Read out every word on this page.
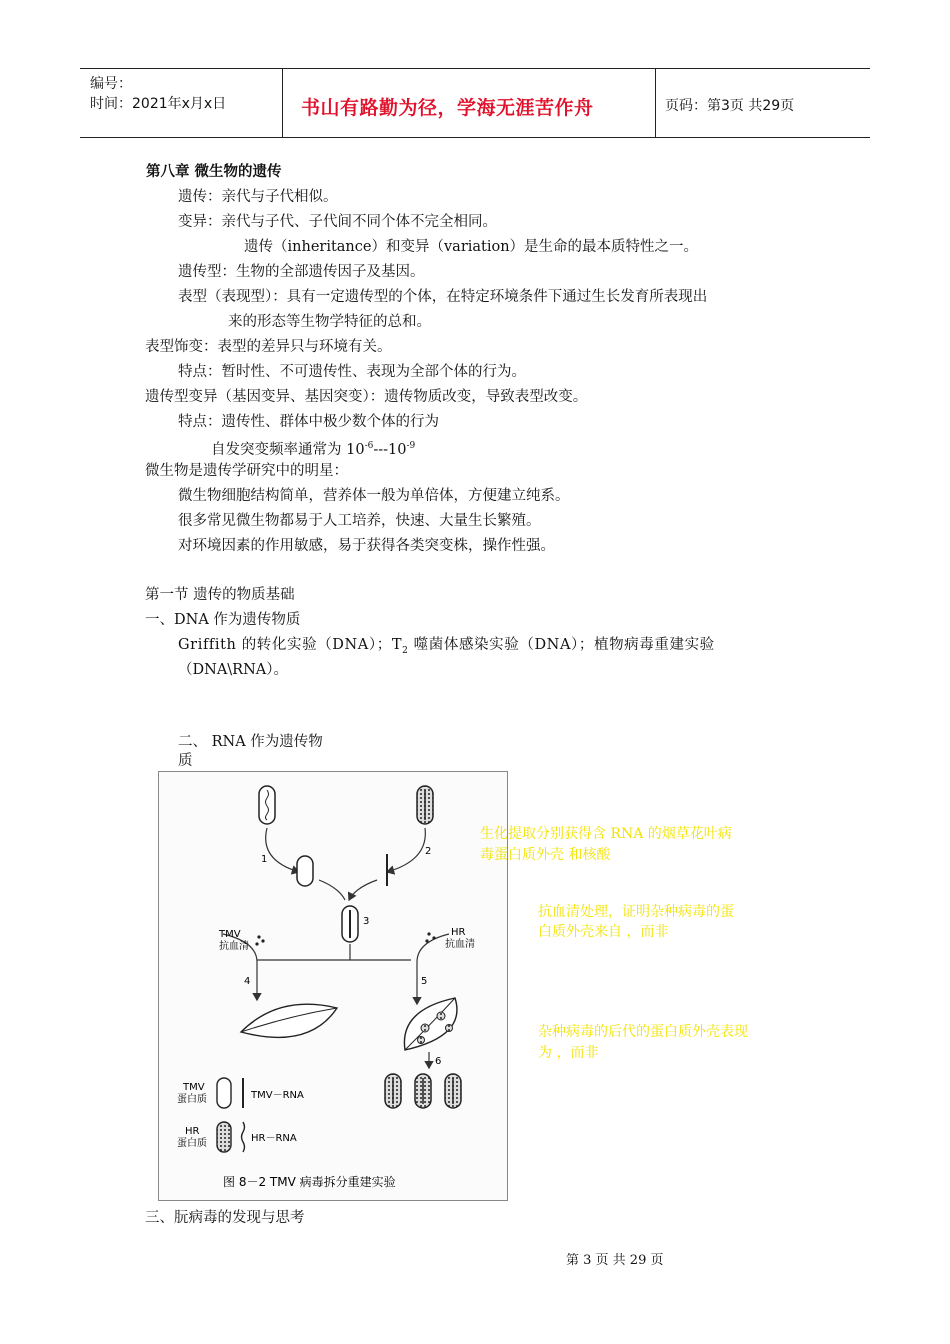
编号：
时间：2021年x月x日	书山有路勤为径，学海无涯苦作舟	页码：第3页 共29页
第八章 微生物的遗传
遗传：亲代与子代相似。
变异：亲代与子代、子代间不同个体不完全相同。
遗传（inheritance）和变异（variation）是生命的最本质特性之一。
遗传型：生物的全部遗传因子及基因。
表型（表现型）：具有一定遗传型的个体，在特定环境条件下通过生长发育所表现出
来的形态等生物学特征的总和。
表型饰变：表型的差异只与环境有关。
特点：暂时性、不可遗传性、表现为全部个体的行为。
遗传型变异（基因变异、基因突变）：遗传物质改变，导致表型改变。
特点：遗传性、群体中极少数个体的行为
自发突变频率通常为 $10^{-6}---10^{-9}$
微生物是遗传学研究中的明星：
微生物细胞结构简单，营养体一般为单倍体，方便建立纯系。
很多常见微生物都易于人工培养，快速、大量生长繁殖。
对环境因素的作用敏感，易于获得各类突变株，操作性强。
第一节 遗传的物质基础
一、DNA 作为遗传物质
Griffith 的转化实验（DNA）；$T_2$ 噬菌体感染实验（DNA）；植物病毒重建实验
（DNA\RNA）。
二、 RNA 作为遗传物
质
1
2
3
4	5
TMV
抗血清
HR
抗血清
6
TMV
蛋白质	TMV－RNA
HR
蛋白质	HR－RNA
图 8－2 TMV 病毒拆分重建实验
生化提取分别获得含 RNA 的烟草花叶病
毒蛋白质外壳 和核酸
抗血清处理，证明杂种病毒的蛋
白质外壳来自 ，而非
杂种病毒的后代的蛋白质外壳表现
为 ，而非
三、朊病毒的发现与思考
第 3 页 共 29 页
